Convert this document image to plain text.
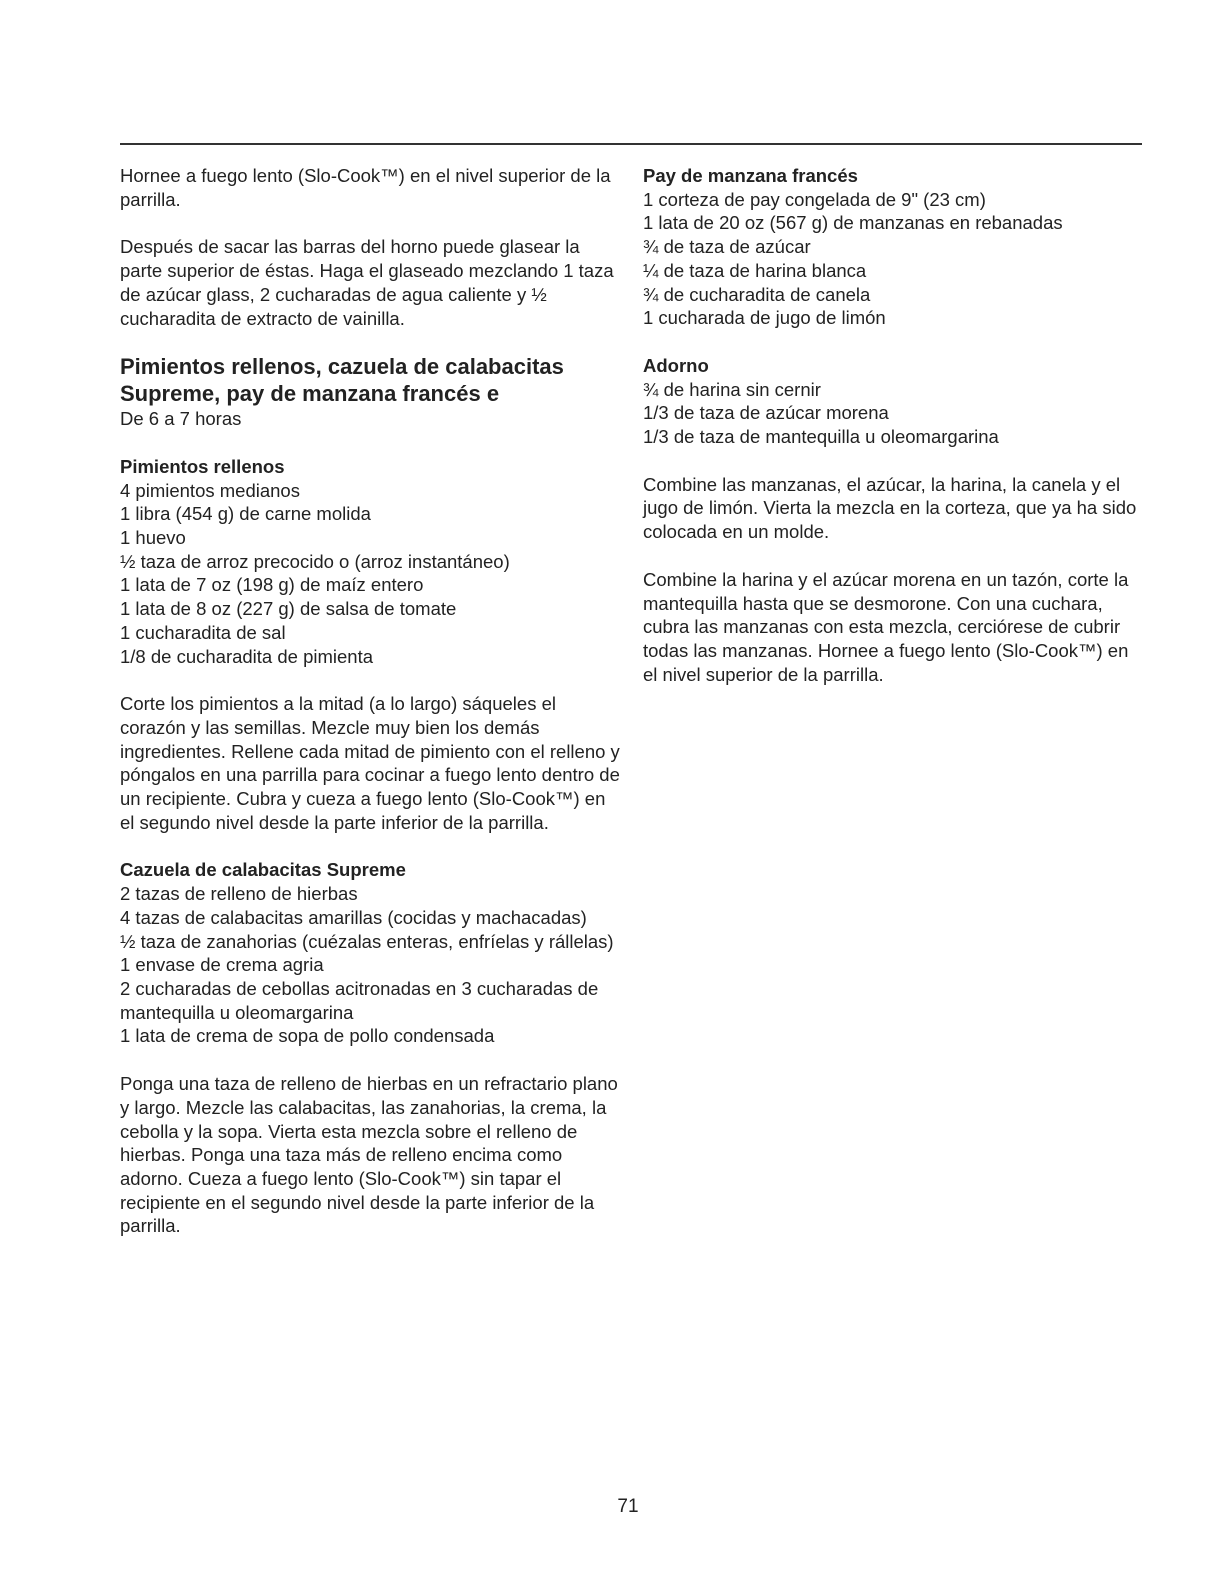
Hornee a fuego lento (Slo-Cook™) en el nivel superior de la parrilla.

Después de sacar las barras del horno puede glasear la parte superior de éstas. Haga el glaseado mezclando 1 taza de azúcar glass, 2 cucharadas de agua caliente y ½ cucharadita de extracto de vainilla.

Pimientos rellenos, cazuela de calabacitas
Supreme, pay de manzana francés e

De 6 a 7 horas

Pimientos rellenos

4 pimientos medianos

1 libra (454 g) de carne molida

1 huevo

½ taza de arroz precocido o (arroz instantáneo)

1 lata de 7 oz (198 g) de maíz entero

1 lata de 8 oz (227 g) de salsa de tomate

1 cucharadita de sal

1/8 de cucharadita de pimienta

Corte los pimientos a la mitad (a lo largo) sáqueles el corazón y las semillas. Mezcle muy bien los demás ingredientes. Rellene cada mitad de pimiento con el relleno y póngalos en una parrilla para cocinar a fuego lento dentro de un recipiente. Cubra y cueza a fuego lento (Slo-Cook™) en el segundo nivel desde la parte inferior de la parrilla.

Cazuela de calabacitas Supreme

2 tazas de relleno de hierbas

4 tazas de calabacitas amarillas (cocidas y machacadas)

½ taza de zanahorias (cuézalas enteras, enfríelas y rállelas)

1 envase de crema agria

2 cucharadas de cebollas acitronadas en 3 cucharadas de mantequilla u oleomargarina

1 lata de crema de sopa de pollo condensada

Ponga una taza de relleno de hierbas en un refractario plano y largo. Mezcle las calabacitas, las zanahorias, la crema, la cebolla y la sopa. Vierta esta mezcla sobre el relleno de hierbas. Ponga una taza más de relleno encima como adorno. Cueza a fuego lento (Slo-Cook™) sin tapar el recipiente en el segundo nivel desde la parte inferior de la parrilla.

Pay de manzana francés

1 corteza de pay congelada de 9" (23 cm)

1 lata de 20 oz (567 g) de manzanas en rebanadas

¾ de taza de azúcar

¼ de taza de harina blanca

¾ de cucharadita de canela

1 cucharada de jugo de limón

Adorno

¾ de harina sin cernir

1/3 de taza de azúcar morena

1/3 de taza de mantequilla u oleomargarina

Combine las manzanas, el azúcar, la harina, la canela y el jugo de limón. Vierta la mezcla en la corteza, que ya ha sido colocada en un molde.

Combine la harina y el azúcar morena en un tazón, corte la mantequilla hasta que se desmorone. Con una cuchara, cubra las manzanas con esta mezcla, cerciórese de cubrir todas las manzanas. Hornee a fuego lento (Slo-Cook™) en el nivel superior de la parrilla.

71
